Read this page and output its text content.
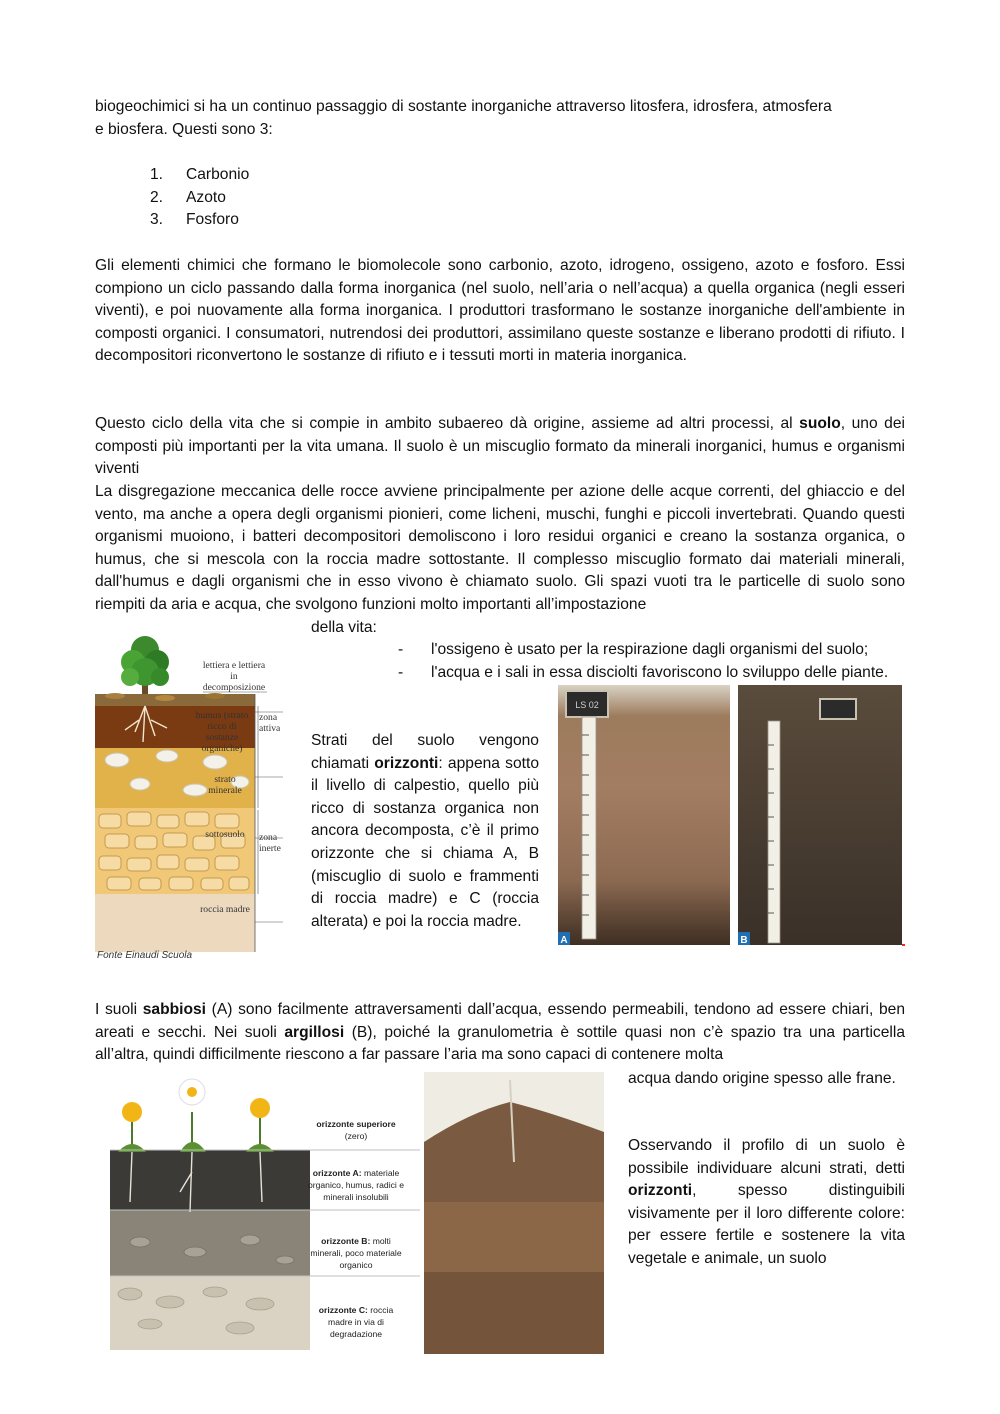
biogeochimici si ha un continuo passaggio di sostante inorganiche attraverso litosfera, idrosfera, atmosfera

e biosfera. Questi sono 3:

1. Carbonio
2. Azoto
3. Fosforo

Gli elementi chimici che formano le biomolecole sono carbonio, azoto, idrogeno, ossigeno, azoto e fosforo. Essi compiono un ciclo passando dalla forma inorganica (nel suolo, nell’aria o nell’acqua) a quella organica (negli esseri viventi), e poi nuovamente alla forma inorganica. I produttori trasformano le sostanze inorganiche dell'ambiente in composti organici. I consumatori, nutrendosi dei produttori, assimilano queste sostanze e liberano prodotti di rifiuto. I decompositori riconvertono le sostanze di rifiuto e i tessuti morti in materia inorganica.

Questo ciclo della vita che si compie in ambito subaereo dà origine, assieme ad altri processi, al suolo, uno dei composti più importanti per la vita umana. Il suolo è un miscuglio formato da minerali inorganici, humus e organismi viventi

La disgregazione meccanica delle rocce avviene principalmente per azione delle acque correnti, del ghiaccio e del vento, ma anche a opera degli organismi pionieri, come licheni, muschi, funghi e piccoli invertebrati. Quando questi organismi muoiono, i batteri decompositori demoliscono i loro residui organici e creano la sostanza organica, o humus, che si mescola con la roccia madre sottostante. Il complesso miscuglio formato dai materiali minerali, dall'humus e dagli organismi che in esso vivono è chiamato suolo. Gli spazi vuoti tra le particelle di suolo sono riempiti da aria e acqua, che svolgono funzioni molto importanti all’impostazione

della vita:

- l'ossigeno è usato per la respirazione dagli organismi del suolo;

- l'acqua e i sali in essa disciolti favoriscono lo sviluppo delle piante.

lettiera e lettiera in decomposizione
humus (strato ricco di sostanze organiche)
zona attiva
strato minerale
sottosuolo	zona inerte
roccia madre
Fonte Einaudi Scuola

Strati del suolo vengono chiamati orizzonti: appena sotto il livello di calpestio, quello più ricco di sostanza organica non ancora decomposta, c’è il primo orizzonte che si chiama A, B (miscuglio di suolo e frammenti di roccia madre) e C (roccia alterata) e poi la roccia madre.

LS 02
A	B

I suoli sabbiosi (A) sono facilmente attraversamenti dall’acqua, essendo permeabili, tendono ad essere chiari, ben areati e secchi. Nei suoli argillosi (B), poiché la granulometria è sottile quasi non c’è spazio tra una particella all’altra, quindi difficilmente riescono a far passare l’aria ma sono capaci di contenere molta

acqua dando origine spesso alle frane.

orizzonte superiore
(zero)
orizzonte A: materiale organico, humus, radici e minerali insolubili
orizzonte B: molti minerali, poco materiale organico
orizzonte C: roccia madre in via di degradazione

Osservando il profilo di un suolo è possibile individuare alcuni strati, detti orizzonti, spesso distinguibili visivamente per il loro differente colore: per essere fertile e sostenere la vita vegetale e animale, un suolo
